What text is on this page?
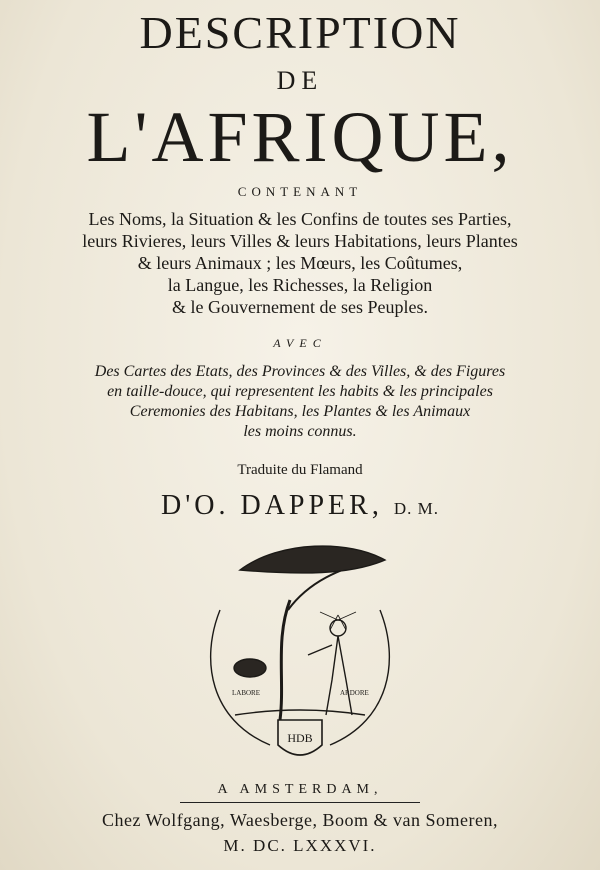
DESCRIPTION
DE
L'AFRIQUE,
CONTENANT
Les Noms, la Situation & les Confins de toutes ses Parties,
leurs Rivieres, leurs Villes & leurs Habitations, leurs Plantes
& leurs Animaux ; les Mœurs, les Coûtumes,
la Langue, les Richesses, la Religion
& le Gouvernement de ses Peuples.
AVEC
Des Cartes des Etats, des Provinces & des Villes, & des Figures
en taille-douce, qui representent les habits & les principales
Ceremonies des Habitans, les Plantes & les Animaux
les moins connus.
Traduite du Flamand
D'O. DAPPER, D. M.
HDB
LABORE	ARDORE
A AMSTERDAM,
Chez Wolfgang, Waesberge, Boom & van Someren,
M. DC. LXXXVI.
